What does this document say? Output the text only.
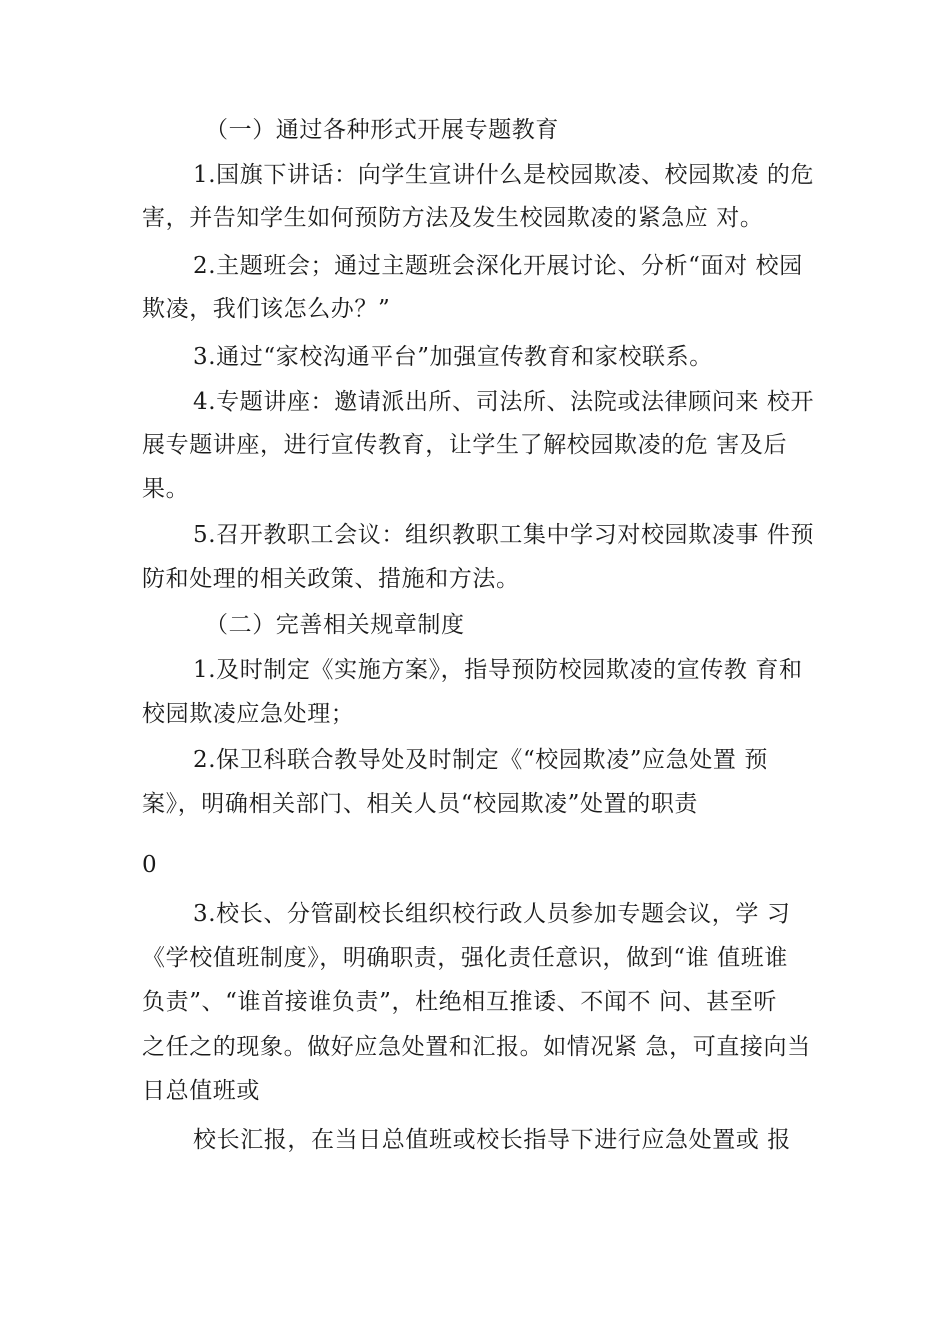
（一）通过各种形式开展专题教育
1.国旗下讲话：向学生宣讲什么是校园欺凌、校园欺凌 的危
害，并告知学生如何预防方法及发生校园欺凌的紧急应 对。
2.主题班会；通过主题班会深化开展讨论、分析“面对 校园
欺凌，我们该怎么办？”
3.通过“家校沟通平台”加强宣传教育和家校联系。
4.专题讲座：邀请派出所、司法所、法院或法律顾问来 校开
展专题讲座，进行宣传教育，让学生了解校园欺凌的危 害及后
果。
5.召开教职工会议：组织教职工集中学习对校园欺凌事 件预
防和处理的相关政策、措施和方法。
（二）完善相关规章制度
1.及时制定《实施方案》，指导预防校园欺凌的宣传教 育和
校园欺凌应急处理；
2.保卫科联合教导处及时制定《“校园欺凌”应急处置 预
案》，明确相关部门、相关人员“校园欺凌”处置的职责
0
3.校长、分管副校长组织校行政人员参加专题会议，学 习
《学校值班制度》，明确职责，强化责任意识，做到“谁 值班谁
负责”、“谁首接谁负责”，杜绝相互推诿、不闻不 问、甚至听
之任之的现象。做好应急处置和汇报。如情况紧 急，可直接向当
日总值班或
校长汇报，在当日总值班或校长指导下进行应急处置或 报
